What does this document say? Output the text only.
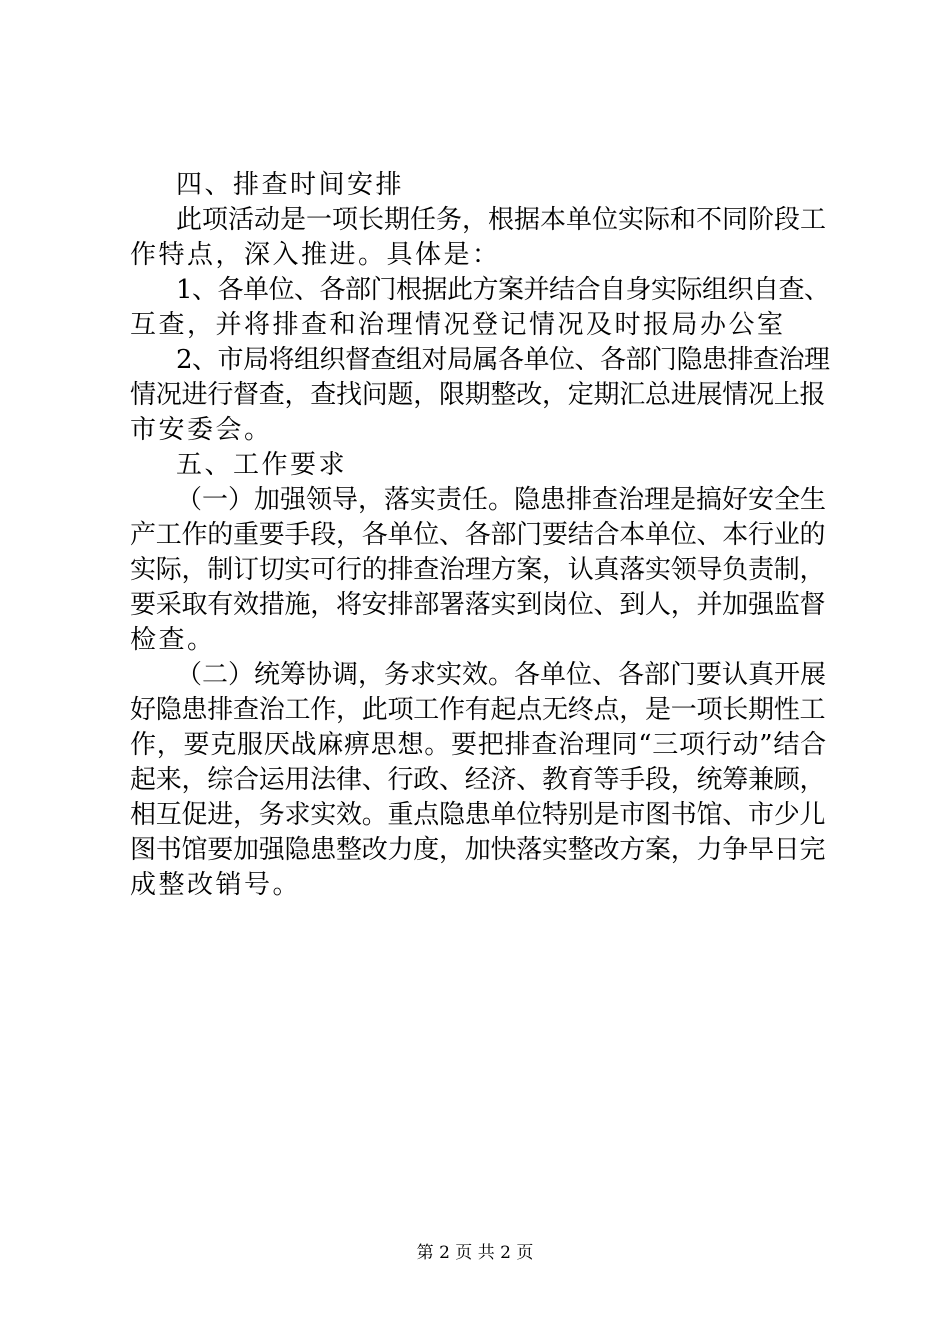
四、排查时间安排
此项活动是一项长期任务，根据本单位实际和不同阶段工
作特点，深入推进。具体是：
1、各单位、各部门根据此方案并结合自身实际组织自查、
互查，并将排查和治理情况登记情况及时报局办公室
2、市局将组织督查组对局属各单位、各部门隐患排查治理
情况进行督查，查找问题，限期整改，定期汇总进展情况上报
市安委会。
五、工作要求
（一）加强领导，落实责任。隐患排查治理是搞好安全生
产工作的重要手段，各单位、各部门要结合本单位、本行业的
实际，制订切实可行的排查治理方案，认真落实领导负责制，
要采取有效措施，将安排部署落实到岗位、到人，并加强监督
检查。
（二）统筹协调，务求实效。各单位、各部门要认真开展
好隐患排查治工作，此项工作有起点无终点，是一项长期性工
作，要克服厌战麻痹思想。要把排查治理同“三项行动”结合
起来，综合运用法律、行政、经济、教育等手段，统筹兼顾，
相互促进，务求实效。重点隐患单位特别是市图书馆、市少儿
图书馆要加强隐患整改力度，加快落实整改方案，力争早日完
成整改销号。
第 2 页 共 2 页
